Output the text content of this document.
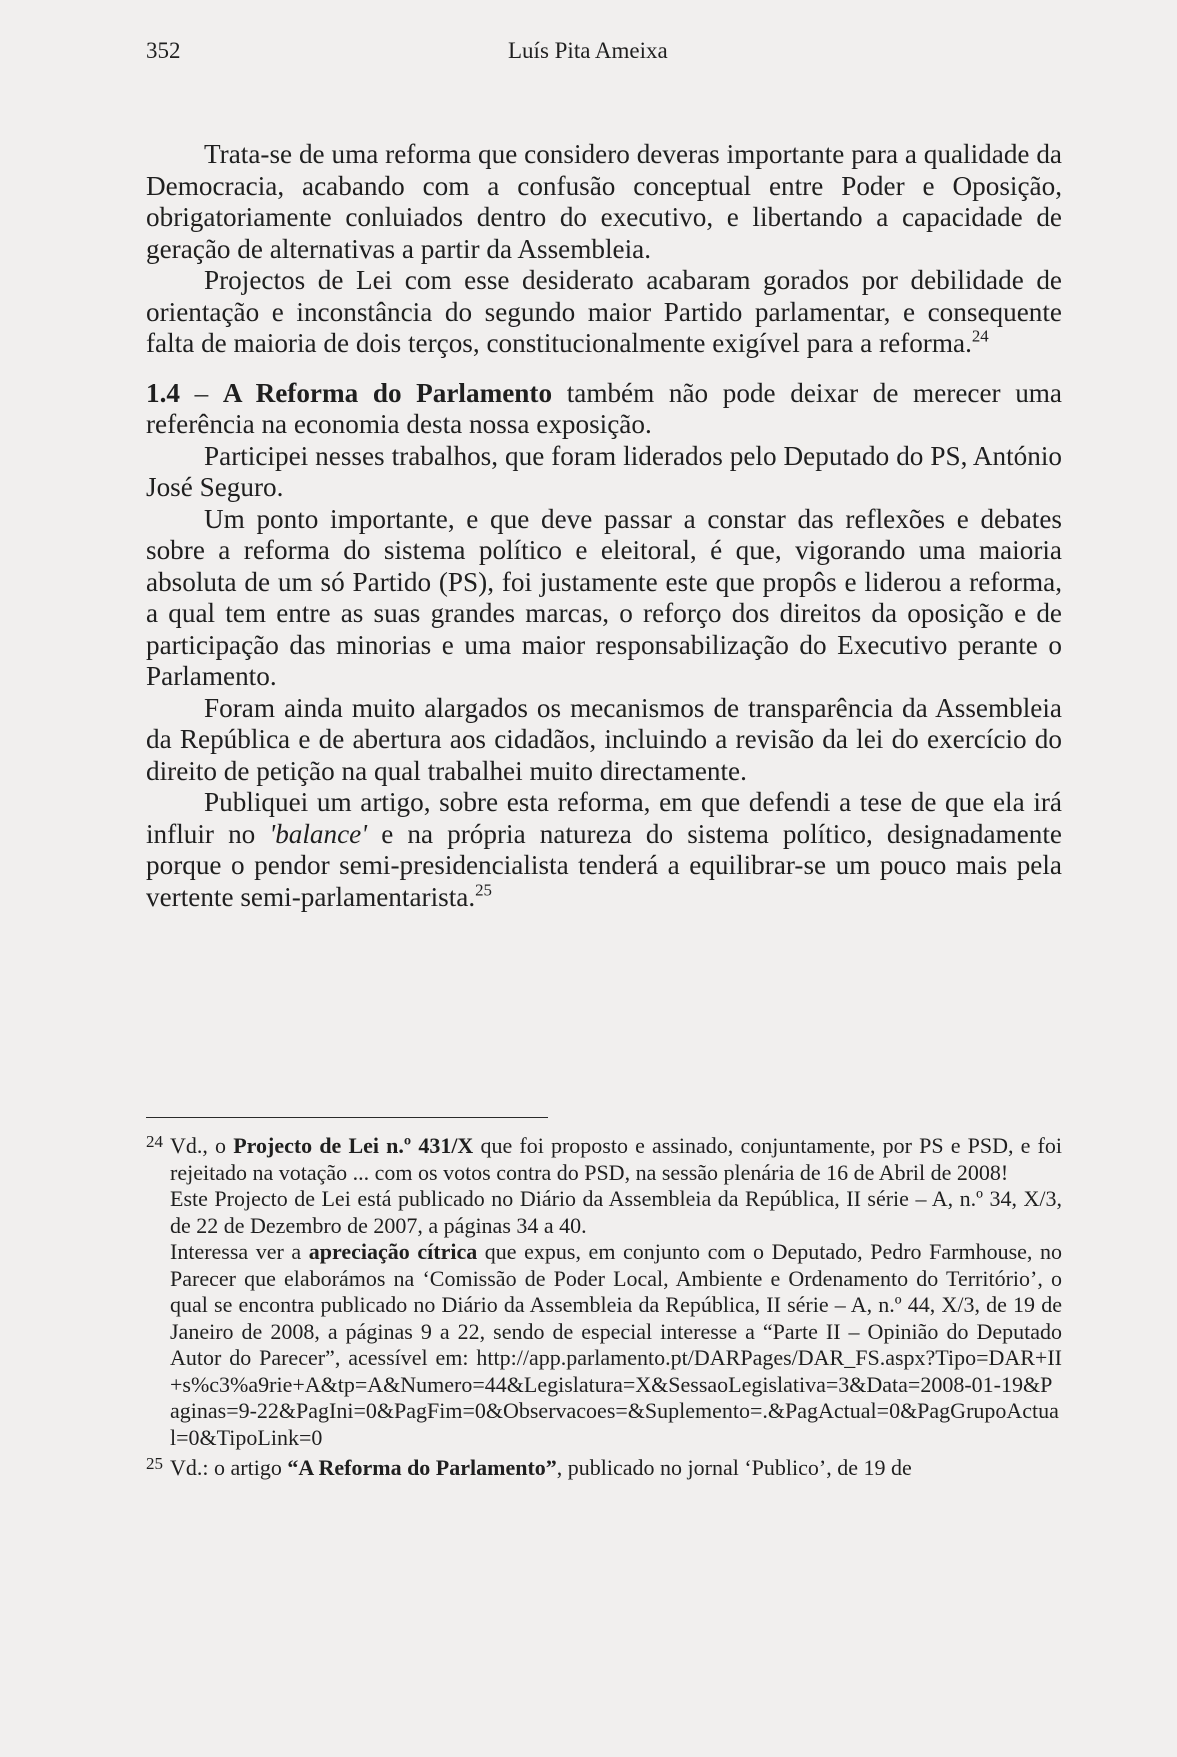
352	Luís Pita Ameixa

Trata-se de uma reforma que considero deveras importante para a qualidade da Democracia, acabando com a confusão conceptual entre Poder e Oposição, obrigatoriamente conluiados dentro do executivo, e libertando a capacidade de geração de alternativas a partir da Assembleia.

Projectos de Lei com esse desiderato acabaram gorados por debilidade de orientação e inconstância do segundo maior Partido parlamentar, e consequente falta de maioria de dois terços, constitucionalmente exigível para a reforma.$^{24}$

1.4 – A Reforma do Parlamento também não pode deixar de merecer uma referência na economia desta nossa exposição.

Participei nesses trabalhos, que foram liderados pelo Deputado do PS, António José Seguro.

Um ponto importante, e que deve passar a constar das reflexões e debates sobre a reforma do sistema político e eleitoral, é que, vigorando uma maioria absoluta de um só Partido (PS), foi justamente este que propôs e liderou a reforma, a qual tem entre as suas grandes marcas, o reforço dos direitos da oposição e de participação das minorias e uma maior responsabilização do Executivo perante o Parlamento.

Foram ainda muito alargados os mecanismos de transparência da Assembleia da República e de abertura aos cidadãos, incluindo a revisão da lei do exercício do direito de petição na qual trabalhei muito directamente.

Publiquei um artigo, sobre esta reforma, em que defendi a tese de que ela irá influir no 'balance' e na própria natureza do sistema político, designadamente porque o pendor semi-presidencialista tenderá a equilibrar-se um pouco mais pela vertente semi-parlamentarista.$^{25}$

24 Vd., o Projecto de Lei n.º 431/X que foi proposto e assinado, conjuntamente, por PS e PSD, e foi rejeitado na votação ... com os votos contra do PSD, na sessão plenária de 16 de Abril de 2008!
Este Projecto de Lei está publicado no Diário da Assembleia da República, II série – A, n.º 34, X/3, de 22 de Dezembro de 2007, a páginas 34 a 40.
Interessa ver a apreciação cítrica que expus, em conjunto com o Deputado, Pedro Farmhouse, no Parecer que elaborámos na ‘Comissão de Poder Local, Ambiente e Ordenamento do Território’, o qual se encontra publicado no Diário da Assembleia da República, II série – A, n.º 44, X/3, de 19 de Janeiro de 2008, a páginas 9 a 22, sendo de especial interesse a “Parte II – Opinião do Deputado Autor do Parecer”, acessível em: http://app.parlamento.pt/DARPages/DAR_FS.aspx?Tipo=DAR+II+s%c3%a9rie+A&tp=A&Numero=44&Legislatura=X&SessaoLegislativa=3&Data=2008-01-19&Paginas=9-22&PagIni=0&PagFim=0&Observacoes=&Suplemento=.&PagActual=0&PagGrupoActual=0&TipoLink=0
25 Vd.: o artigo “A Reforma do Parlamento”, publicado no jornal ‘Publico’, de 19 de
